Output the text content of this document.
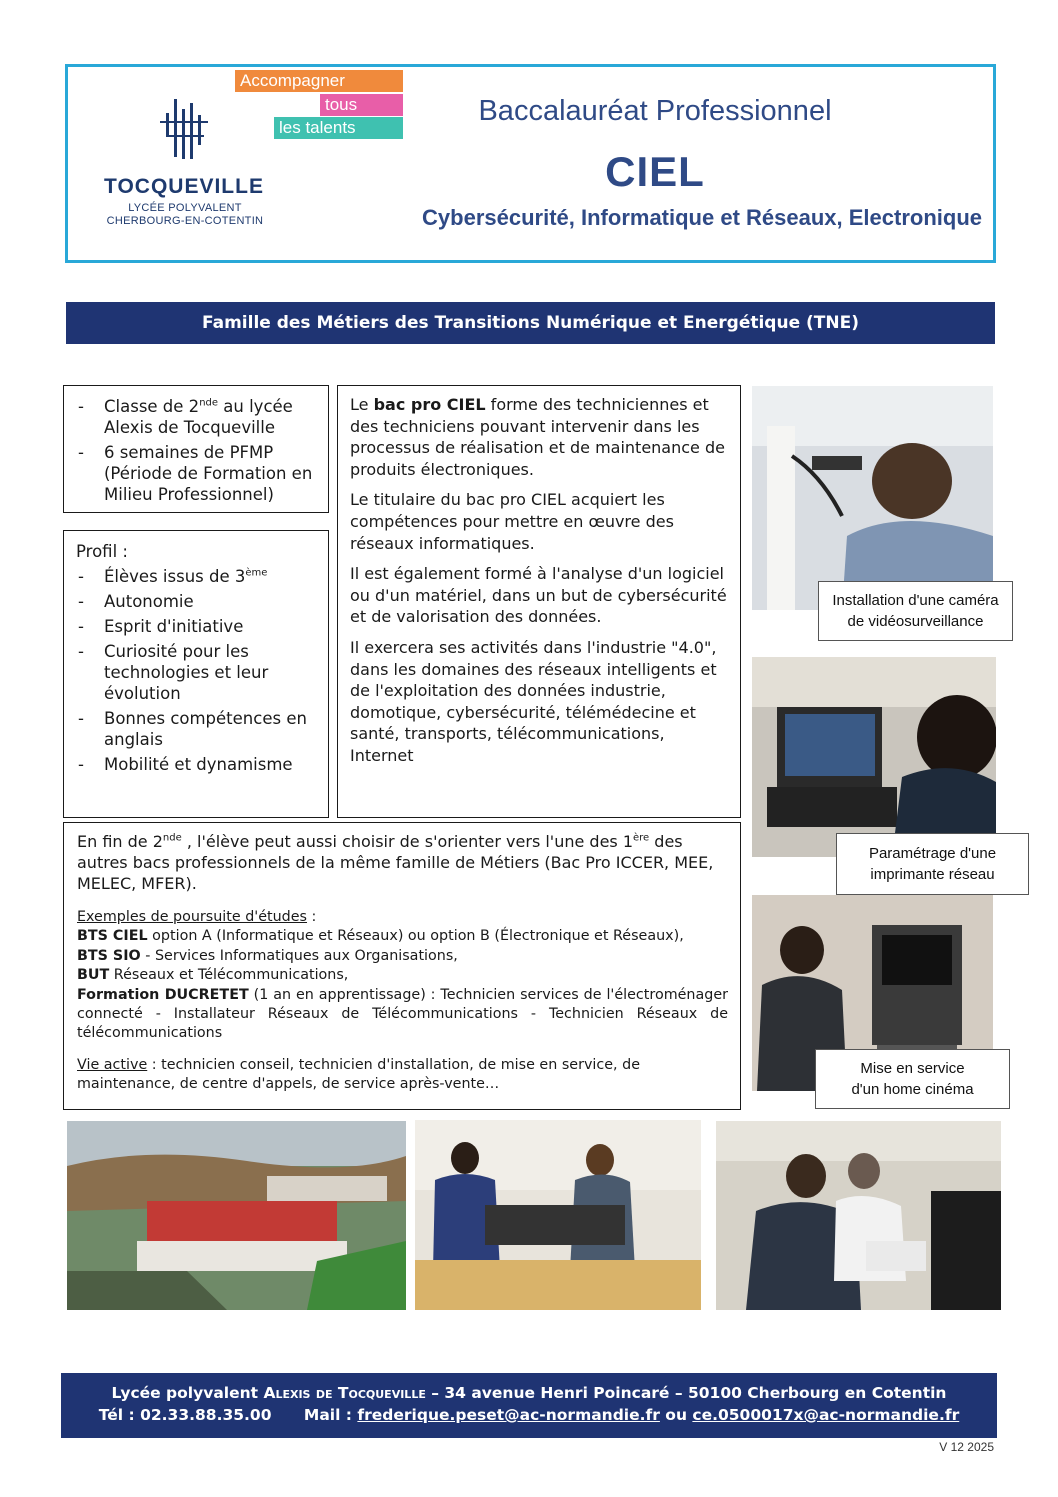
TOCQUEVILLE
LYCÉE POLYVALENT
CHERBOURG-EN-COTENTIN
Accompagner
tous
les talents
Baccalauréat Professionnel
CIEL
Cybersécurité, Informatique et Réseaux, Electronique
Famille des Métiers des Transitions Numérique et Energétique (TNE)
- Classe de 2nde au lycée Alexis de Tocqueville
- 6 semaines de PFMP (Période de Formation en Milieu Professionnel)
Profil :
- Élèves issus de 3ème
- Autonomie
- Esprit d'initiative
- Curiosité pour les technologies et leur évolution
- Bonnes compétences en anglais
- Mobilité et dynamisme

Le bac pro CIEL forme des techniciennes et des techniciens pouvant intervenir dans les processus de réalisation et de maintenance de produits électroniques.

Le titulaire du bac pro CIEL acquiert les compétences pour mettre en œuvre des réseaux informatiques.

Il est également formé à l'analyse d'un logiciel ou d'un matériel, dans un but de cybersécurité et de valorisation des données.

Il exercera ses activités dans l'industrie "4.0", dans les domaines des réseaux intelligents et de l'exploitation des données industrie, domotique, cybersécurité, télémédecine et santé, transports, télécommunications, Internet

En fin de 2nde , l'élève peut aussi choisir de s'orienter vers l'une des 1ère des autres bacs professionnels de la même famille de Métiers (Bac Pro ICCER, MEE, MELEC, MFER).

Exemples de poursuite d'études :
BTS CIEL option A (Informatique et Réseaux) ou option B (Électronique et Réseaux),
BTS SIO - Services Informatiques aux Organisations,
BUT Réseaux et Télécommunications,
Formation DUCRETET (1 an en apprentissage) : Technicien services de l'électroménager connecté - Installateur Réseaux de Télécommunications - Technicien Réseaux de télécommunications

Vie active : technicien conseil, technicien d'installation, de mise en service, de maintenance, de centre d'appels, de service après-vente…

Installation d'une caméra
de vidéosurveillance
Paramétrage d'une
imprimante réseau
Mise en service
d'un home cinéma
Lycée polyvalent Alexis de Tocqueville – 34 avenue Henri Poincaré – 50100 Cherbourg en Cotentin
Tél : 02.33.88.35.00 Mail : frederique.peset@ac-normandie.fr ou ce.0500017x@ac-normandie.fr
V 12 2025
